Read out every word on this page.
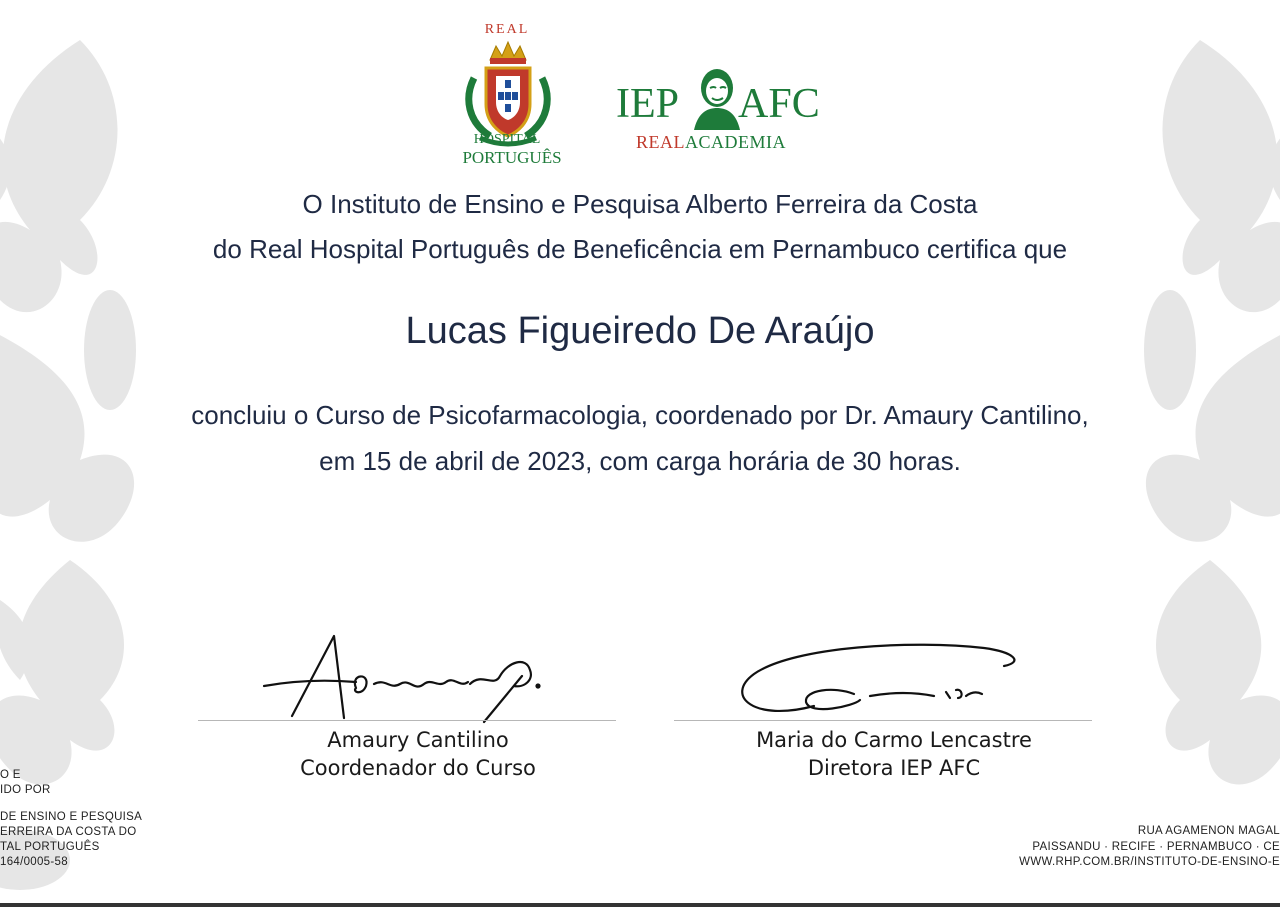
REAL
HOSPITAL
PORTUGUÊS
IEP AFC
REALACADEMIA
O Instituto de Ensino e Pesquisa Alberto Ferreira da Costa
do Real Hospital Português de Beneficência em Pernambuco certifica que
Lucas Figueiredo De Araújo
concluiu o Curso de Psicofarmacologia, coordenado por Dr. Amaury Cantilino,
em 15 de abril de 2023, com carga horária de 30 horas.
Amaury Cantilino
Coordenador do Curso
Maria do Carmo Lencastre
Diretora IEP AFC
O E
IDO POR
DE ENSINO E PESQUISA
ERREIRA DA COSTA DO
TAL PORTUGUÊS
164/0005-58
RUA AGAMENON MAGAL
PAISSANDU · RECIFE · PERNAMBUCO · CE
WWW.RHP.COM.BR/INSTITUTO-DE-ENSINO-E
